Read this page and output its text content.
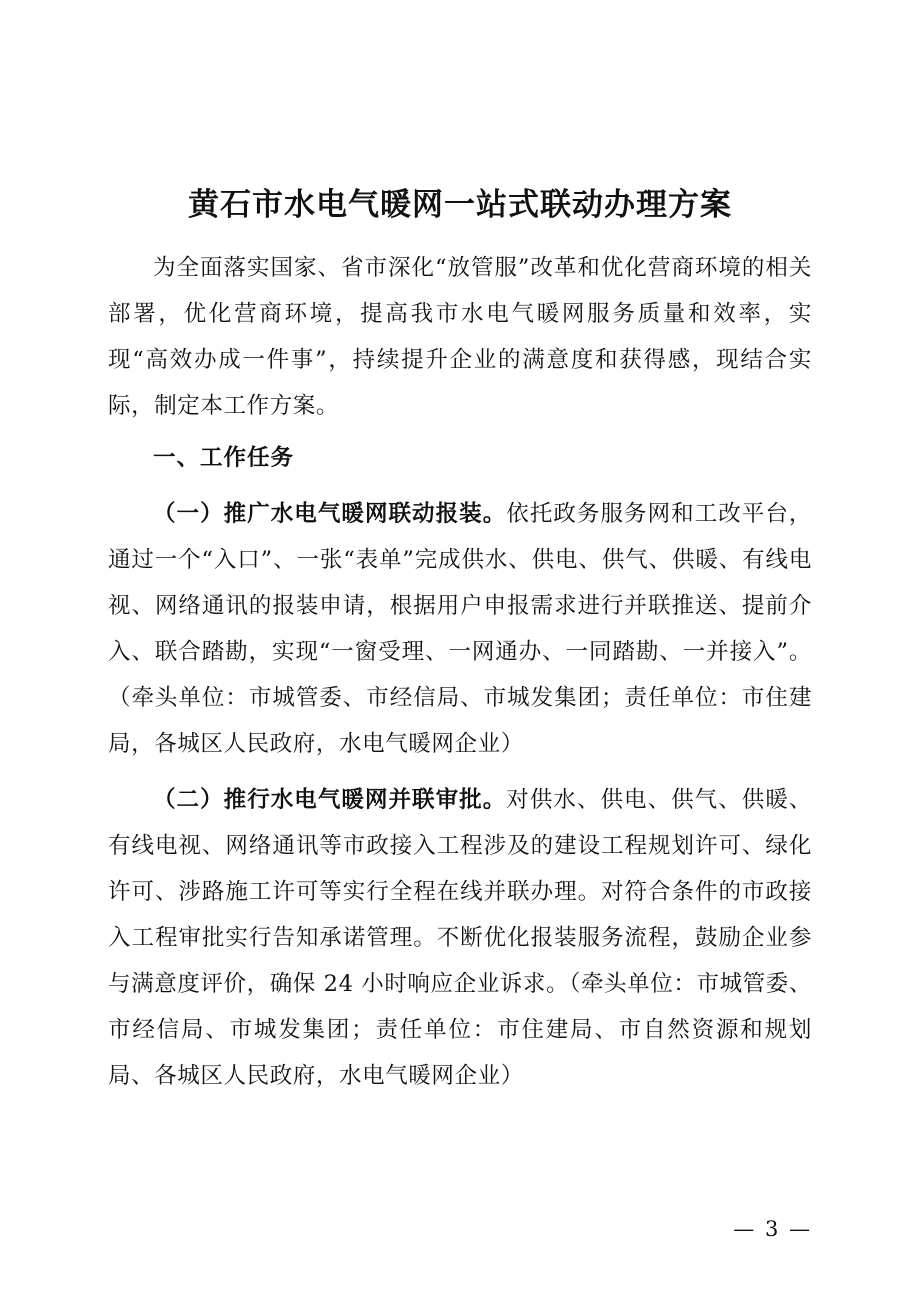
黄石市水电气暖网一站式联动办理方案

为全面落实国家、省市深化“放管服”改革和优化营商环境的相关部署，优化营商环境，提高我市水电气暖网服务质量和效率，实现“高效办成一件事”，持续提升企业的满意度和获得感，现结合实际，制定本工作方案。

一、工作任务

（一）推广水电气暖网联动报装。依托政务服务网和工改平台，通过一个“入口”、一张“表单”完成供水、供电、供气、供暖、有线电视、网络通讯的报装申请，根据用户申报需求进行并联推送、提前介入、联合踏勘，实现“一窗受理、一网通办、一同踏勘、一并接入”。（牵头单位：市城管委、市经信局、市城发集团；责任单位：市住建局，各城区人民政府，水电气暖网企业）

（二）推行水电气暖网并联审批。对供水、供电、供气、供暖、有线电视、网络通讯等市政接入工程涉及的建设工程规划许可、绿化许可、涉路施工许可等实行全程在线并联办理。对符合条件的市政接入工程审批实行告知承诺管理。不断优化报装服务流程，鼓励企业参与满意度评价，确保 24 小时响应企业诉求。（牵头单位：市城管委、市经信局、市城发集团；责任单位：市住建局、市自然资源和规划局、各城区人民政府，水电气暖网企业）

— 3 —
